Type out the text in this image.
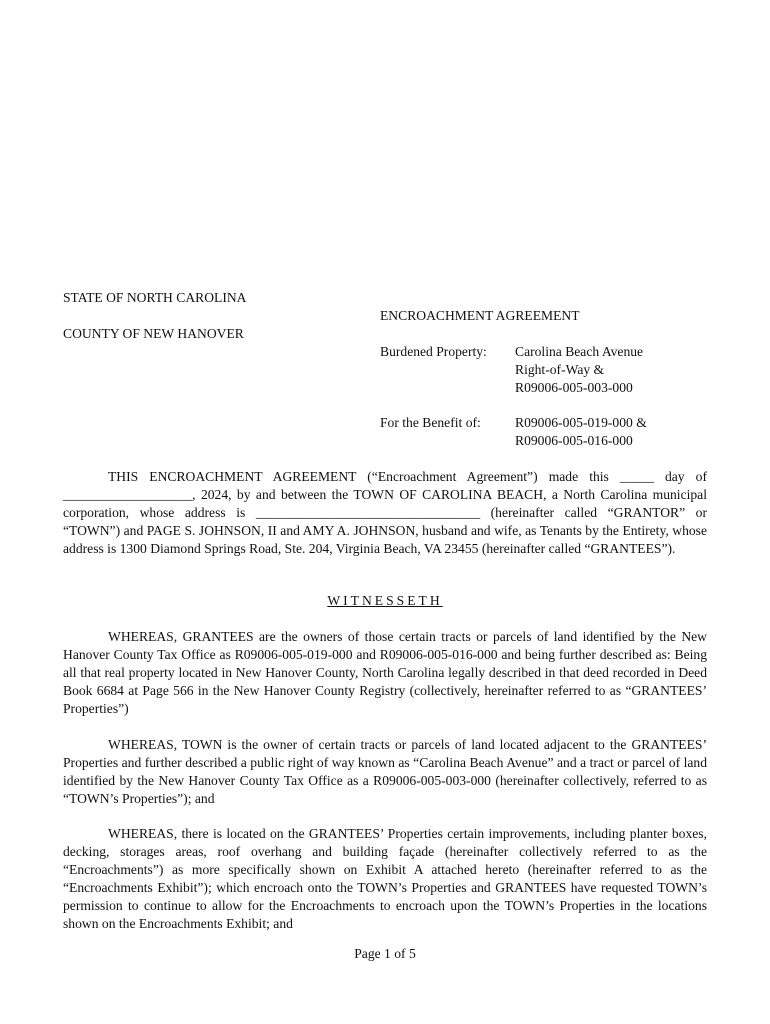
STATE OF NORTH CAROLINA
COUNTY OF NEW HANOVER
ENCROACHMENT AGREEMENT
Burdened Property: Carolina Beach Avenue
Right-of-Way &
R09006-005-003-000
For the Benefit of:	R09006-005-019-000 &
R09006-005-016-000
THIS ENCROACHMENT AGREEMENT (“Encroachment Agreement”) made this _____ day of ___________________, 2024, by and between the TOWN OF CAROLINA BEACH, a North Carolina municipal corporation, whose address is _________________________________ (hereinafter called “GRANTOR” or “TOWN”) and PAGE S. JOHNSON, II and AMY A. JOHNSON, husband and wife, as Tenants by the Entirety, whose address is 1300 Diamond Springs Road, Ste. 204, Virginia Beach, VA 23455 (hereinafter called “GRANTEES”).
WITNESSETH
WHEREAS, GRANTEES are the owners of those certain tracts or parcels of land identified by the New Hanover County Tax Office as R09006-005-019-000 and R09006-005-016-000 and being further described as: Being all that real property located in New Hanover County, North Carolina legally described in that deed recorded in Deed Book 6684 at Page 566 in the New Hanover County Registry (collectively, hereinafter referred to as “GRANTEES’ Properties”)
WHEREAS, TOWN is the owner of certain tracts or parcels of land located adjacent to the GRANTEES’ Properties and further described a public right of way known as “Carolina Beach Avenue” and a tract or parcel of land identified by the New Hanover County Tax Office as a R09006-005-003-000 (hereinafter collectively, referred to as “TOWN’s Properties”); and
WHEREAS, there is located on the GRANTEES’ Properties certain improvements, including planter boxes, decking, storages areas, roof overhang and building façade (hereinafter collectively referred to as the “Encroachments”) as more specifically shown on Exhibit A attached hereto (hereinafter referred to as the “Encroachments Exhibit”); which encroach onto the TOWN’s Properties and GRANTEES have requested TOWN’s permission to continue to allow for the Encroachments to encroach upon the TOWN’s Properties in the locations shown on the Encroachments Exhibit; and
Page 1 of 5
